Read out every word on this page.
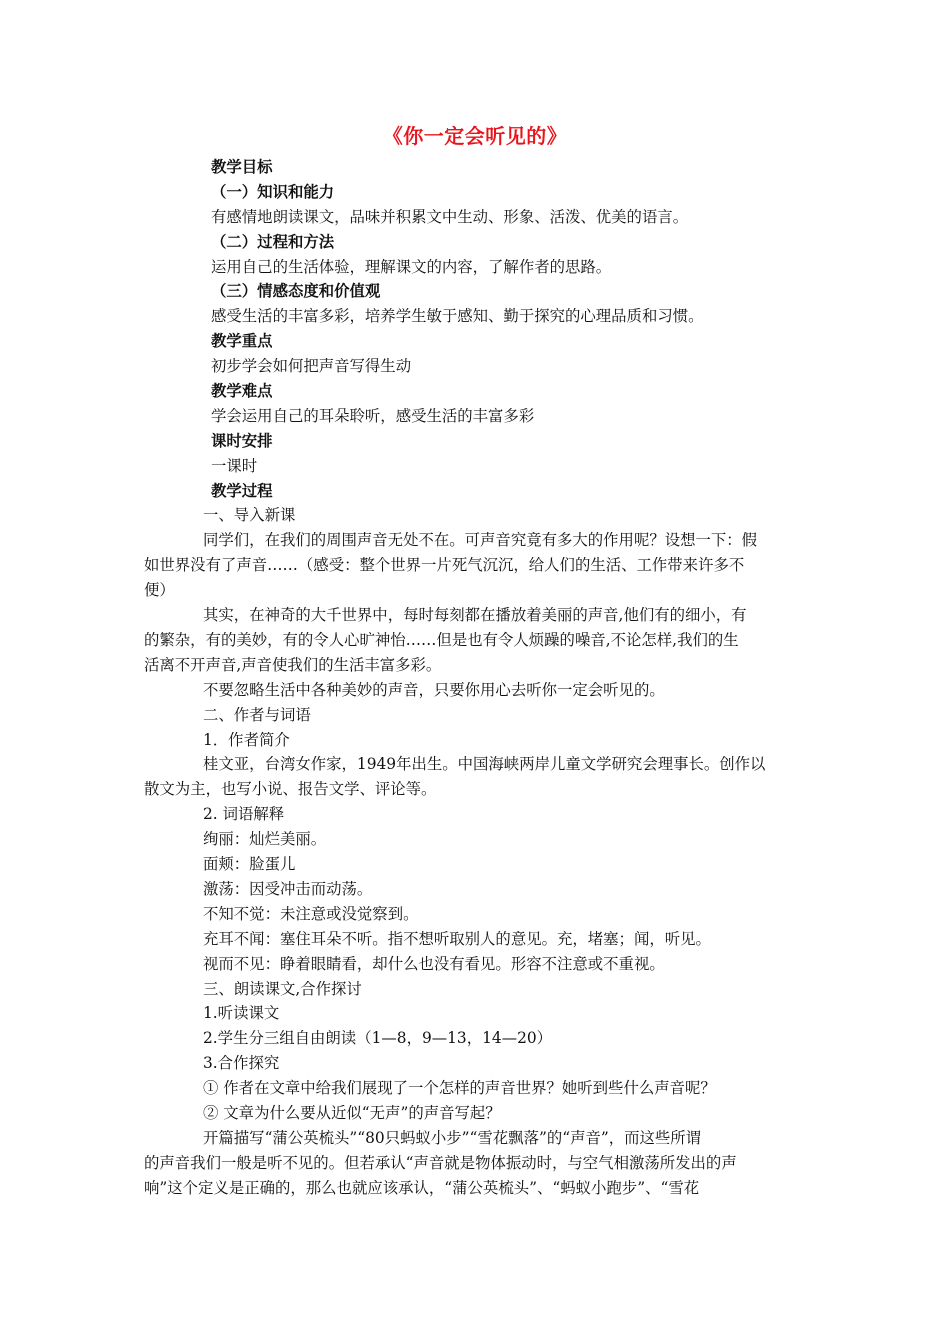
《你一定会听见的》
教学目标
（一）知识和能力
有感情地朗读课文，品味并积累文中生动、形象、活泼、优美的语言。
（二）过程和方法
运用自己的生活体验，理解课文的内容，了解作者的思路。
（三）情感态度和价值观
感受生活的丰富多彩，培养学生敏于感知、勤于探究的心理品质和习惯。
教学重点
初步学会如何把声音写得生动
教学难点
学会运用自己的耳朵聆听，感受生活的丰富多彩
课时安排
一课时
教学过程
一、导入新课
同学们，在我们的周围声音无处不在。可声音究竟有多大的作用呢？设想一下：假
如世界没有了声音……（感受：整个世界一片死气沉沉，给人们的生活、工作带来许多不
便）
其实，在神奇的大千世界中，每时每刻都在播放着美丽的声音,他们有的细小，有
的繁杂，有的美妙，有的令人心旷神怡……但是也有令人烦躁的噪音,不论怎样,我们的生
活离不开声音,声音使我们的生活丰富多彩。
不要忽略生活中各种美妙的声音，只要你用心去听你一定会听见的。
二、作者与词语
1．作者简介
桂文亚，台湾女作家，1949年出生。中国海峡两岸儿童文学研究会理事长。创作以
散文为主，也写小说、报告文学、评论等。
2. 词语解释
绚丽：灿烂美丽。
面颊：脸蛋儿
激荡：因受冲击而动荡。
不知不觉：未注意或没觉察到。
充耳不闻：塞住耳朵不听。指不想听取别人的意见。充，堵塞；闻，听见。
视而不见：睁着眼睛看，却什么也没有看见。形容不注意或不重视。
三、朗读课文,合作探讨
1.听读课文
2.学生分三组自由朗读（1—8，9—13，14—20）
3.合作探究
① 作者在文章中给我们展现了一个怎样的声音世界？她听到些什么声音呢？
② 文章为什么要从近似“无声”的声音写起？
开篇描写“蒲公英梳头”“80只蚂蚁小步”“雪花飘落”的“声音”，而这些所谓
的声音我们一般是听不见的。但若承认“声音就是物体振动时，与空气相激荡所发出的声
响”这个定义是正确的，那么也就应该承认，“蒲公英梳头”、“蚂蚁小跑步”、“雪花
